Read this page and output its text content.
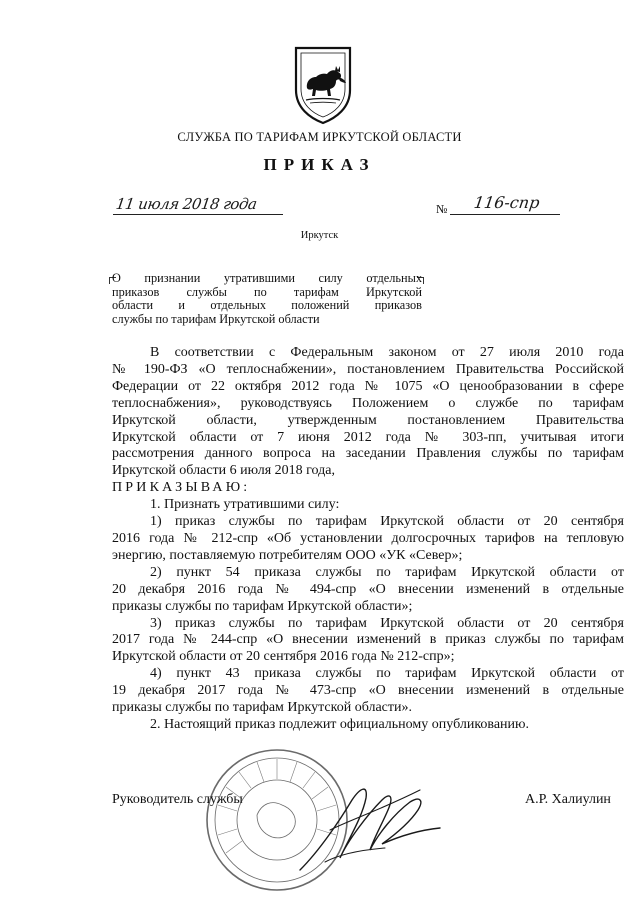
СЛУЖБА ПО ТАРИФАМ ИРКУТСКОЙ ОБЛАСТИ
ПРИКАЗ
11 июля 2018 года	№ 116-спр
Иркутск
О признании утратившими силу отдельных
приказов службы по тарифам Иркутской
области и отдельных положений приказов
службы по тарифам Иркутской области
В соответствии с Федеральным законом от 27 июля 2010 года
№ 190-ФЗ «О теплоснабжении», постановлением Правительства Российской
Федерации от 22 октября 2012 года № 1075 «О ценообразовании в сфере
теплоснабжения», руководствуясь Положением о службе по тарифам
Иркутской области, утвержденным постановлением Правительства
Иркутской области от 7 июня 2012 года № 303-пп, учитывая итоги
рассмотрения данного вопроса на заседании Правления службы по тарифам
Иркутской области 6 июля 2018 года,
ПРИКАЗЫВАЮ:
1. Признать утратившими силу:
1) приказ службы по тарифам Иркутской области от 20 сентября
2016 года № 212-спр «Об установлении долгосрочных тарифов на тепловую
энергию, поставляемую потребителям ООО «УК «Север»;
2) пункт 54 приказа службы по тарифам Иркутской области от
20 декабря 2016 года № 494-спр «О внесении изменений в отдельные
приказы службы по тарифам Иркутской области»;
3) приказ службы по тарифам Иркутской области от 20 сентября
2017 года № 244-спр «О внесении изменений в приказ службы по тарифам
Иркутской области от 20 сентября 2016 года № 212-спр»;
4) пункт 43 приказа службы по тарифам Иркутской области от
19 декабря 2017 года № 473-спр «О внесении изменений в отдельные
приказы службы по тарифам Иркутской области».
2. Настоящий приказ подлежит официальному опубликованию.
Руководитель службы	А.Р. Халиулин
